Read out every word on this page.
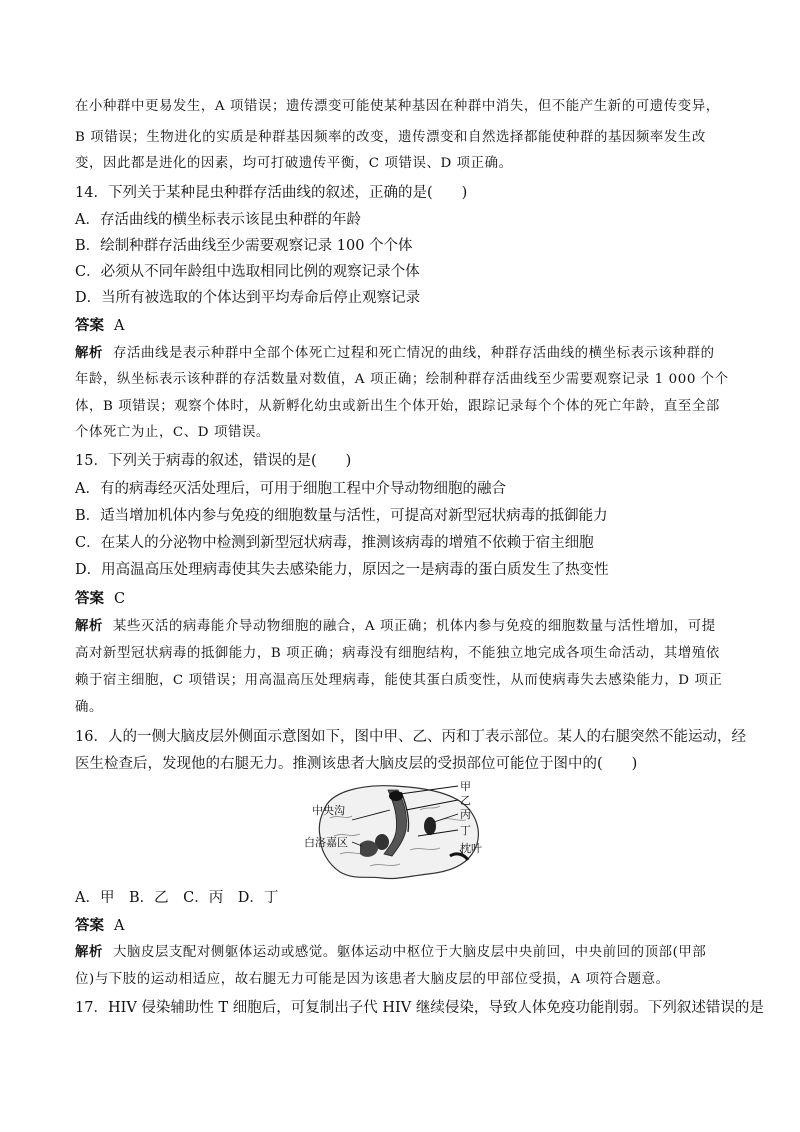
在小种群中更易发生，A 项错误；遗传漂变可能使某种基因在种群中消失，但不能产生新的可遗传变异，
B 项错误；生物进化的实质是种群基因频率的改变，遗传漂变和自然选择都能使种群的基因频率发生改
变，因此都是进化的因素，均可打破遗传平衡，C 项错误、D 项正确。
14．下列关于某种昆虫种群存活曲线的叙述，正确的是(　　)
A．存活曲线的横坐标表示该昆虫种群的年龄
B．绘制种群存活曲线至少需要观察记录 100 个个体
C．必须从不同年龄组中选取相同比例的观察记录个体
D．当所有被选取的个体达到平均寿命后停止观察记录
答案 A
解析 存活曲线是表示种群中全部个体死亡过程和死亡情况的曲线，种群存活曲线的横坐标表示该种群的
年龄，纵坐标表示该种群的存活数量对数值，A 项正确；绘制种群存活曲线至少需要观察记录 1 000 个个
体，B 项错误；观察个体时，从新孵化幼虫或新出生个体开始，跟踪记录每个个体的死亡年龄，直至全部
个体死亡为止，C、D 项错误。
15．下列关于病毒的叙述，错误的是(　　)
A．有的病毒经灭活处理后，可用于细胞工程中介导动物细胞的融合
B．适当增加机体内参与免疫的细胞数量与活性，可提高对新型冠状病毒的抵御能力
C．在某人的分泌物中检测到新型冠状病毒，推测该病毒的增殖不依赖于宿主细胞
D．用高温高压处理病毒使其失去感染能力，原因之一是病毒的蛋白质发生了热变性
答案 C
解析 某些灭活的病毒能介导动物细胞的融合，A 项正确；机体内参与免疫的细胞数量与活性增加，可提
高对新型冠状病毒的抵御能力，B 项正确；病毒没有细胞结构，不能独立地完成各项生命活动，其增殖依
赖于宿主细胞，C 项错误；用高温高压处理病毒，能使其蛋白质变性，从而使病毒失去感染能力，D 项正
确。
16．人的一侧大脑皮层外侧面示意图如下，图中甲、乙、丙和丁表示部位。某人的右腿突然不能运动，经
医生检查后，发现他的右腿无力。推测该患者大脑皮层的受损部位可能位于图中的(　　)
A．甲　B．乙　C．丙　D．丁
答案 A
解析 大脑皮层支配对侧躯体运动或感觉。躯体运动中枢位于大脑皮层中央前回，中央前回的顶部(甲部
位)与下肢的运动相适应，故右腿无力可能是因为该患者大脑皮层的甲部位受损，A 项符合题意。
17．HIV 侵染辅助性 T 细胞后，可复制出子代 HIV 继续侵染，导致人体免疫功能削弱。下列叙述错误的是
甲
乙
丙
丁
中央沟
白洛嘉区	枕叶
